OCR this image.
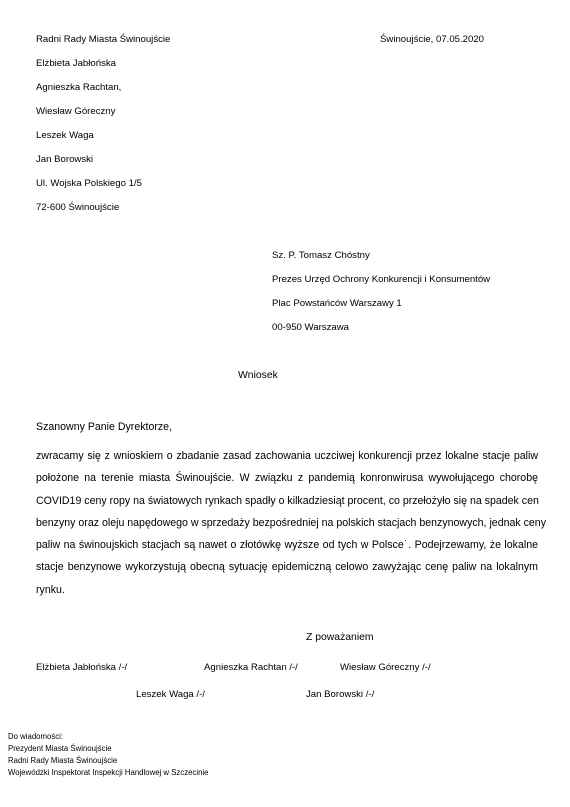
Radni Rady Miasta Świnoujście
Elżbieta Jabłońska
Agnieszka Rachtan,
Wiesław Góreczny
Leszek Waga
Jan Borowski
Ul. Wojska Polskiego 1/5
72-600 Świnoujście
Świnoujście, 07.05.2020
Sz. P. Tomasz Chóstny
Prezes Urzęd Ochrony Konkurencji i Konsumentów
Plac Powstańców Warszawy 1
00-950 Warszawa
Wniosek
Szanowny Panie Dyrektorze,
zwracamy się z wnioskiem o zbadanie zasad zachowania uczciwej konkurencji przez lokalne stacje paliw
położone na terenie miasta Świnoujście. W związku z pandemią konronwirusa wywołującego chorobę
COVID19 ceny ropy na światowych rynkach spadły o kilkadziesiąt procent, co przełożyło się na spadek cen
benzyny oraz oleju napędowego w sprzedaży bezpośredniej na polskich stacjach benzynowych, jednak ceny
paliw na świnoujskich stacjach są nawet o złotówkę wyższe od tych w Polsce˙. Podejrzewamy, że lokalne
stacje benzynowe wykorzystują obecną sytuację epidemiczną celowo zawyżając cenę paliw na lokalnym
rynku.
Z poważaniem
Elżbieta Jabłońska /-/	Agnieszka Rachtan /-/	Wiesław Góreczny /-/
Leszek Waga /-/	Jan Borowski /-/
Do wiadomości:
Prezydent Miasta Świnoujście
Radni Rady Miasta Świnoujście
Wojewódzki Inspektorat Inspekcji Handlowej w Szczecinie
